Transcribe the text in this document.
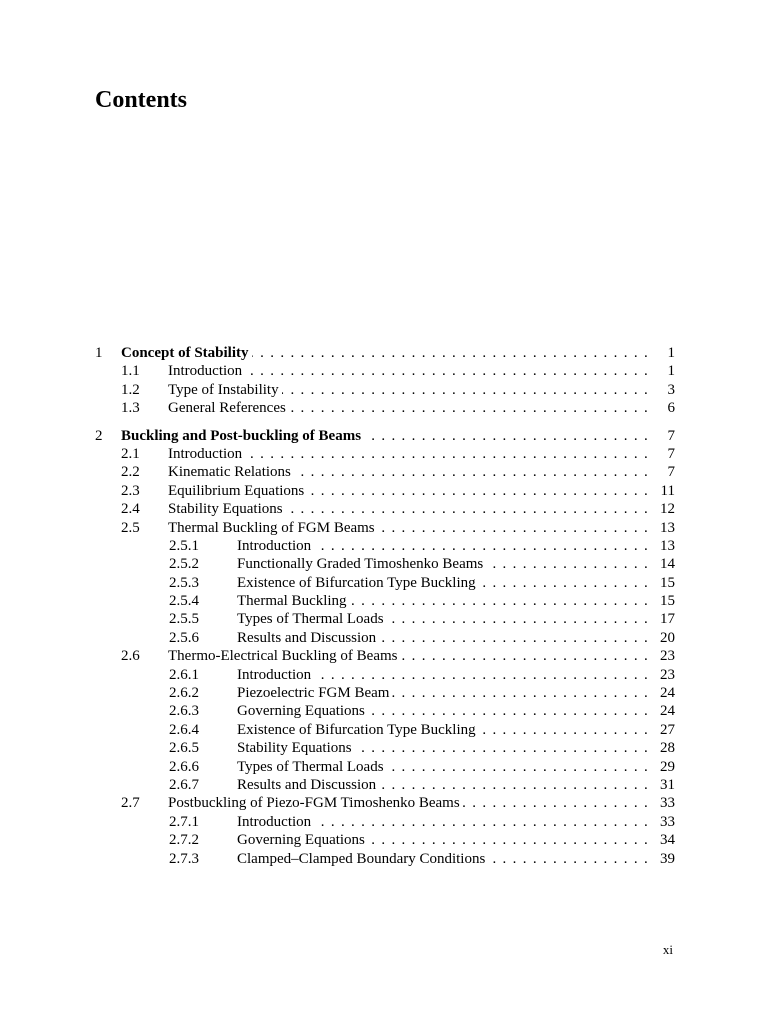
Contents
1	Concept of Stability . . .	1
1.1	Introduction . . .	1
1.2	Type of Instability . . .	3
1.3	General References . . .	6
2	Buckling and Post-buckling of Beams . . .	7
2.1	Introduction . . .	7
2.2	Kinematic Relations . . .	7
2.3	Equilibrium Equations . . .	11
2.4	Stability Equations . . .	12
2.5	Thermal Buckling of FGM Beams . . .	13
2.5.1	Introduction . . .	13
2.5.2	Functionally Graded Timoshenko Beams . . .	14
2.5.3	Existence of Bifurcation Type Buckling . . .	15
2.5.4	Thermal Buckling . . .	15
2.5.5	Types of Thermal Loads . . .	17
2.5.6	Results and Discussion . . .	20
2.6	Thermo-Electrical Buckling of Beams . . .	23
2.6.1	Introduction . . .	23
2.6.2	Piezoelectric FGM Beam . . .	24
2.6.3	Governing Equations . . .	24
2.6.4	Existence of Bifurcation Type Buckling . . .	27
2.6.5	Stability Equations . . .	28
2.6.6	Types of Thermal Loads . . .	29
2.6.7	Results and Discussion . . .	31
2.7	Postbuckling of Piezo-FGM Timoshenko Beams . . .	33
2.7.1	Introduction . . .	33
2.7.2	Governing Equations . . .	34
2.7.3	Clamped–Clamped Boundary Conditions . . .	39
xi
